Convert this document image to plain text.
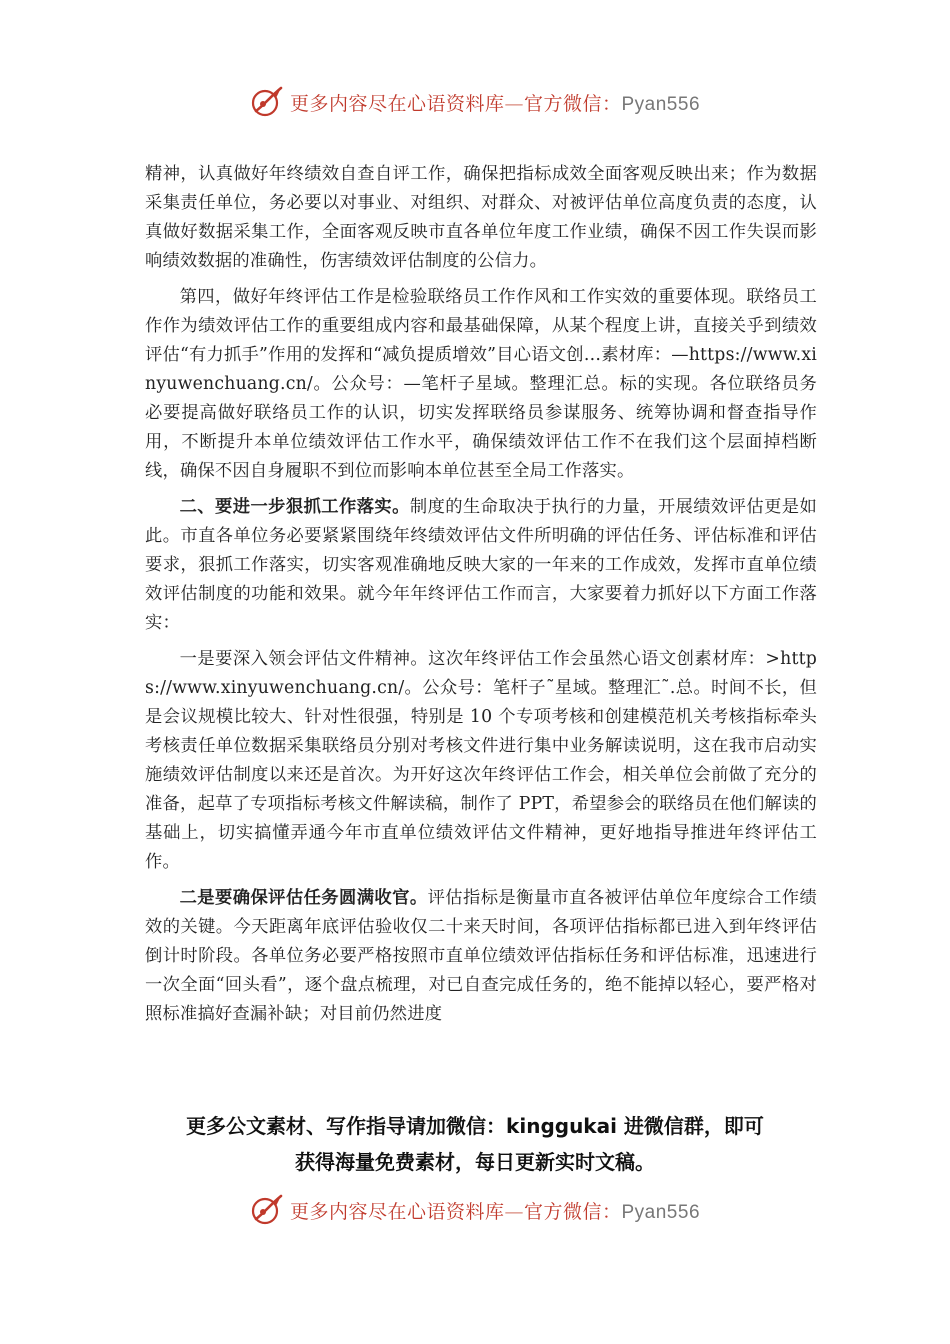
更多内容尽在心语资料库—官方微信：Pyan556

精神，认真做好年终绩效自查自评工作，确保把指标成效全面客观反映出来；作为数据采集责任单位，务必要以对事业、对组织、对群众、对被评估单位高度负责的态度，认真做好数据采集工作，全面客观反映市直各单位年度工作业绩，确保不因工作失误而影响绩效数据的准确性，伤害绩效评估制度的公信力。

第四，做好年终评估工作是检验联络员工作作风和工作实效的重要体现。联络员工作作为绩效评估工作的重要组成内容和最基础保障，从某个程度上讲，直接关乎到绩效评估“有力抓手”作用的发挥和“减负提质增效”目心语文创…素材库：—https://www.xinyuwenchuang.cn/。公众号：—笔杆子星域。整理汇总。标的实现。各位联络员务必要提高做好联络员工作的认识，切实发挥联络员参谋服务、统筹协调和督查指导作用，不断提升本单位绩效评估工作水平，确保绩效评估工作不在我们这个层面掉档断线，确保不因自身履职不到位而影响本单位甚至全局工作落实。

二、要进一步狠抓工作落实。制度的生命取决于执行的力量，开展绩效评估更是如此。市直各单位务必要紧紧围绕年终绩效评估文件所明确的评估任务、评估标准和评估要求，狠抓工作落实，切实客观准确地反映大家的一年来的工作成效，发挥市直单位绩效评估制度的功能和效果。就今年年终评估工作而言，大家要着力抓好以下方面工作落实：

一是要深入领会评估文件精神。这次年终评估工作会虽然心语文创素材库：>https://www.xinyuwenchuang.cn/。公众号：笔杆子˜星域。整理汇˜.总。时间不长，但是会议规模比较大、针对性很强，特别是 10 个专项考核和创建模范机关考核指标牵头考核责任单位数据采集联络员分别对考核文件进行集中业务解读说明，这在我市启动实施绩效评估制度以来还是首次。为开好这次年终评估工作会，相关单位会前做了充分的准备，起草了专项指标考核文件解读稿，制作了 PPT，希望参会的联络员在他们解读的基础上，切实搞懂弄通今年市直单位绩效评估文件精神，更好地指导推进年终评估工作。

二是要确保评估任务圆满收官。评估指标是衡量市直各被评估单位年度综合工作绩效的关键。今天距离年底评估验收仅二十来天时间，各项评估指标都已进入到年终评估倒计时阶段。各单位务必要严格按照市直单位绩效评估指标任务和评估标准，迅速进行一次全面“回头看”，逐个盘点梳理，对已自查完成任务的，绝不能掉以轻心，要严格对照标准搞好查漏补缺；对目前仍然进度

更多公文素材、写作指导请加微信：kinggukai 进微信群，即可
获得海量免费素材，每日更新实时文稿。
更多内容尽在心语资料库—官方微信：Pyan556
